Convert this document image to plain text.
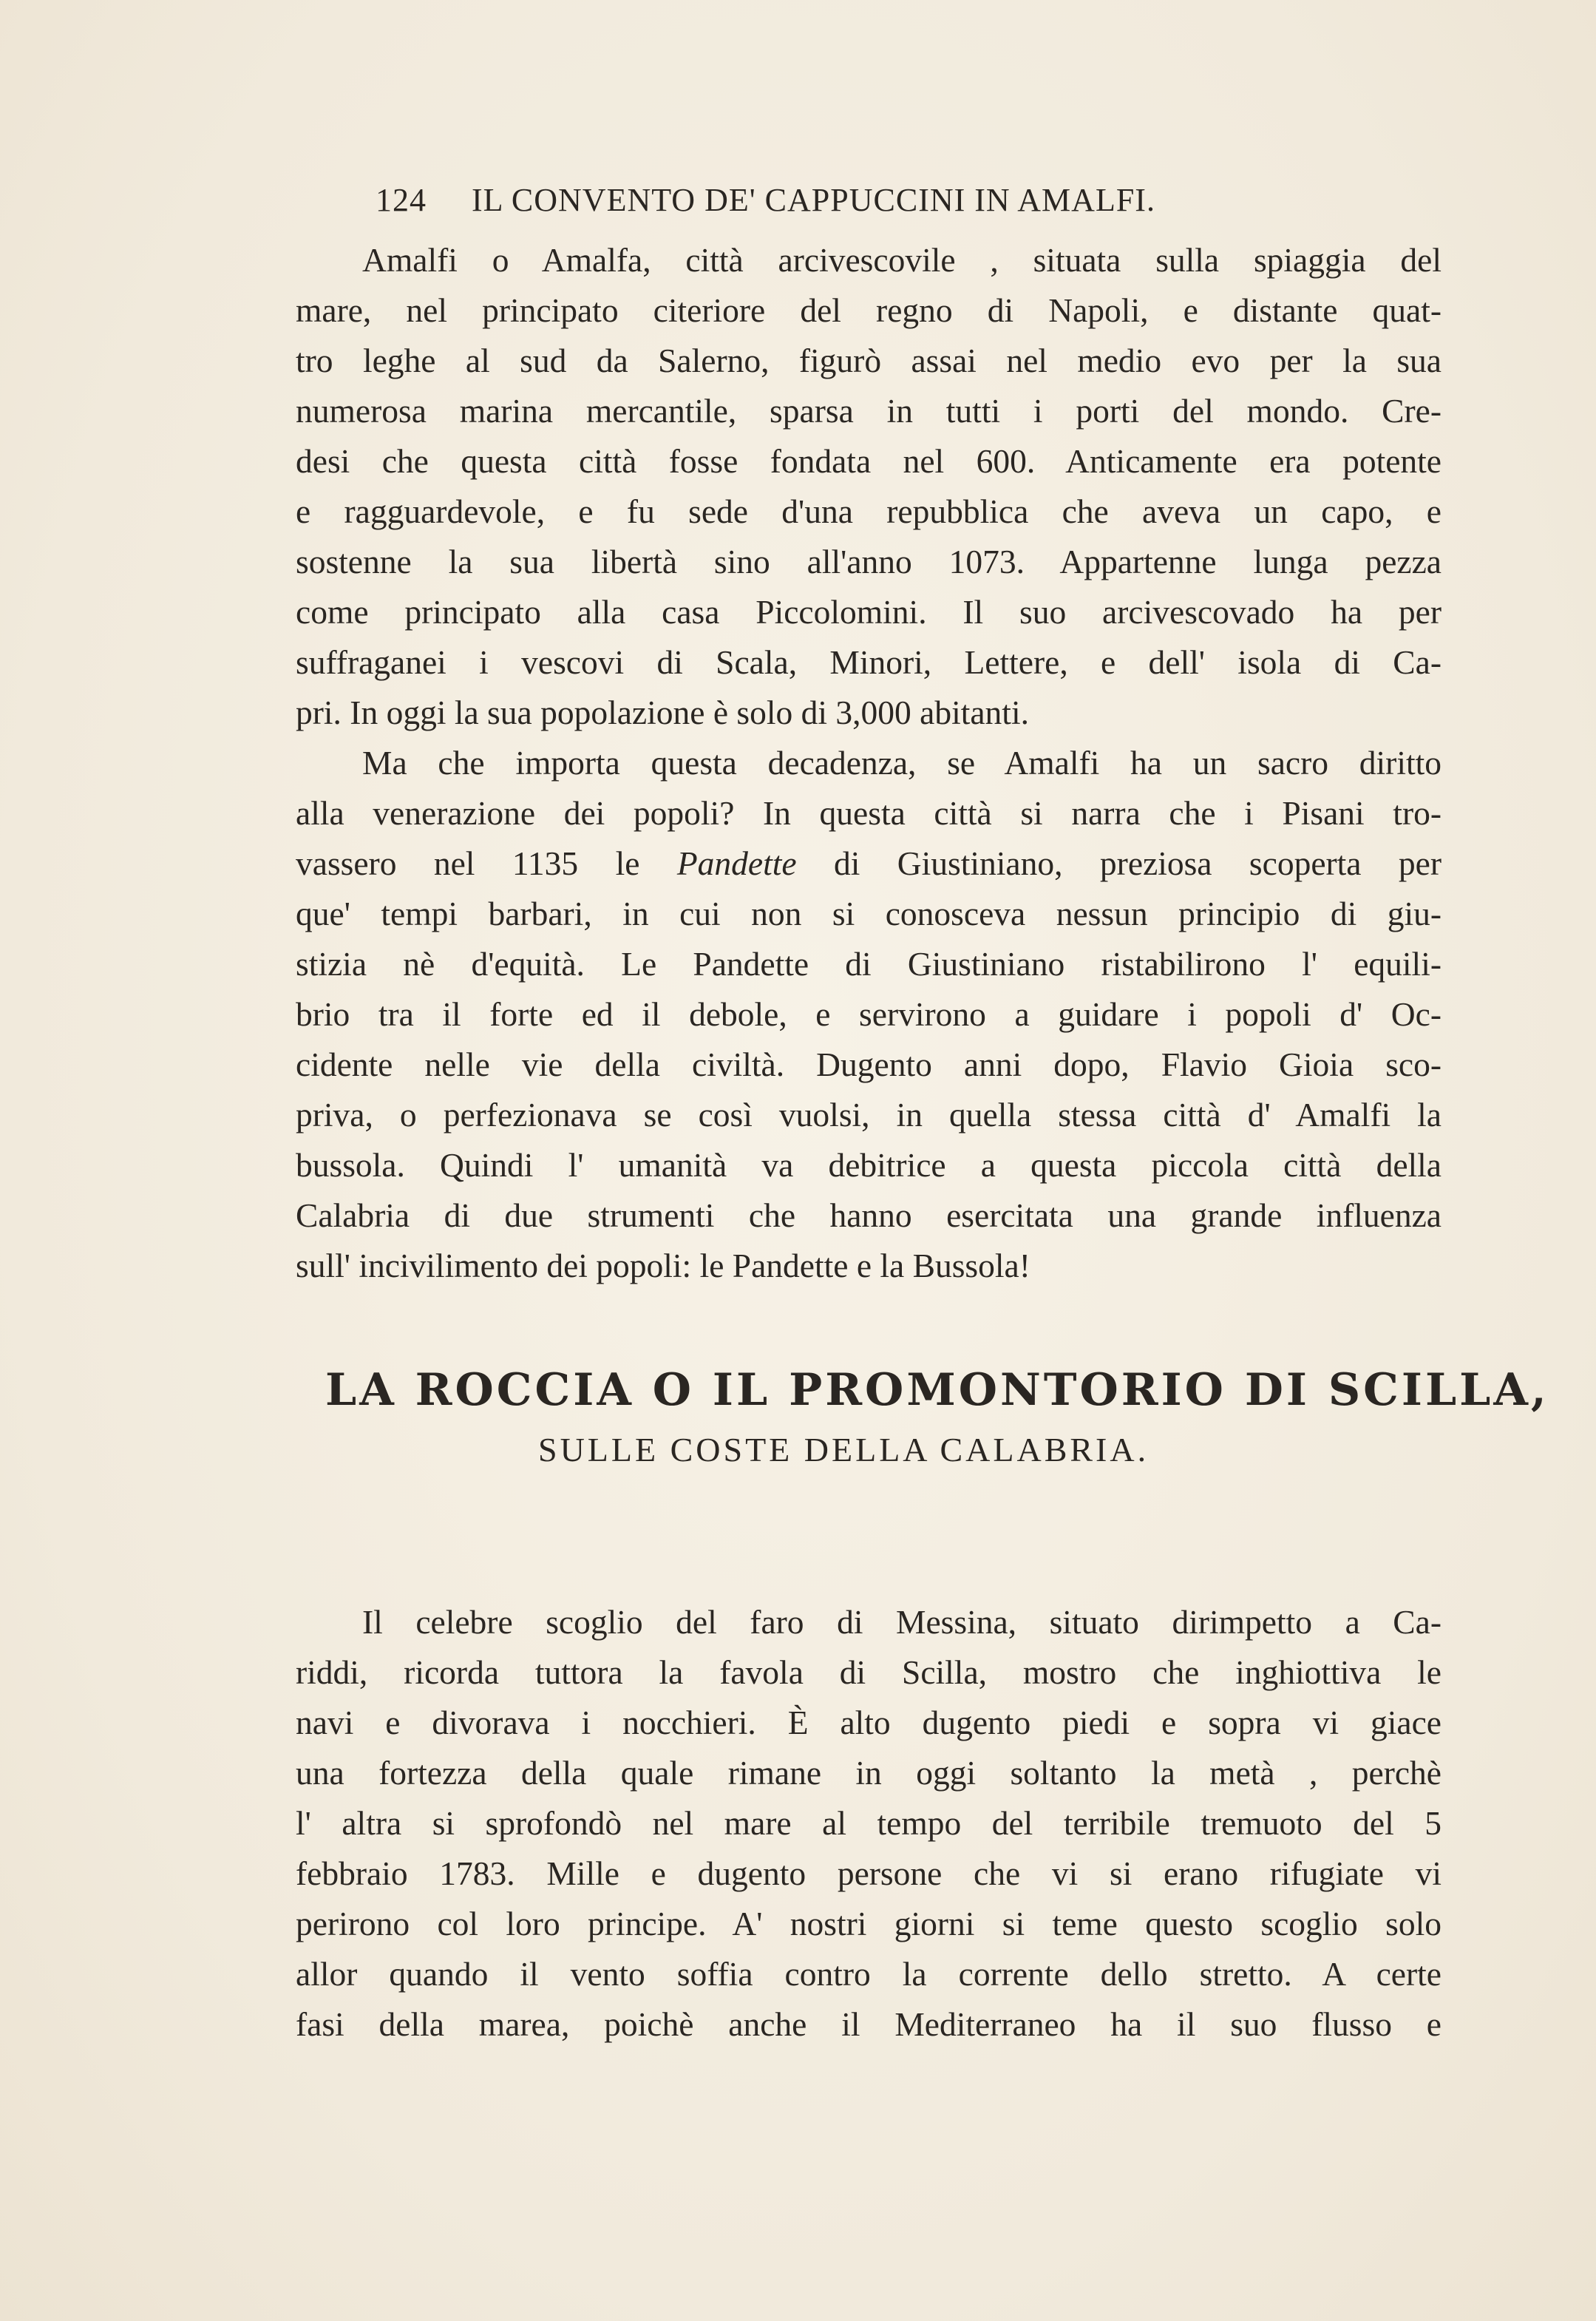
124 IL CONVENTO DE' CAPPUCCINI IN AMALFI.
Amalfi o Amalfa, città arcivescovile , situata sulla spiaggia del
mare, nel principato citeriore del regno di Napoli, e distante quat-
tro leghe al sud da Salerno, figurò assai nel medio evo per la sua
numerosa marina mercantile, sparsa in tutti i porti del mondo. Cre-
desi che questa città fosse fondata nel 600. Anticamente era potente
e ragguardevole, e fu sede d'una repubblica che aveva un capo, e
sostenne la sua libertà sino all'anno 1073. Appartenne lunga pezza
come principato alla casa Piccolomini. Il suo arcivescovado ha per
suffraganei i vescovi di Scala, Minori, Lettere, e dell' isola di Ca-
pri. In oggi la sua popolazione è solo di 3,000 abitanti.
Ma che importa questa decadenza, se Amalfi ha un sacro diritto
alla venerazione dei popoli? In questa città si narra che i Pisani tro-
vassero nel 1135 le Pandette di Giustiniano, preziosa scoperta per
que' tempi barbari, in cui non si conosceva nessun principio di giu-
stizia nè d'equità. Le Pandette di Giustiniano ristabilirono l' equili-
brio tra il forte ed il debole, e servirono a guidare i popoli d' Oc-
cidente nelle vie della civiltà. Dugento anni dopo, Flavio Gioia sco-
priva, o perfezionava se così vuolsi, in quella stessa città d' Amalfi la
bussola. Quindi l' umanità va debitrice a questa piccola città della
Calabria di due strumenti che hanno esercitata una grande influenza
sull' incivilimento dei popoli: le Pandette e la Bussola!
LA ROCCIA O IL PROMONTORIO DI SCILLA,
SULLE COSTE DELLA CALABRIA.
Il celebre scoglio del faro di Messina, situato dirimpetto a Ca-
riddi, ricorda tuttora la favola di Scilla, mostro che inghiottiva le
navi e divorava i nocchieri. È alto dugento piedi e sopra vi giace
una fortezza della quale rimane in oggi soltanto la metà , perchè
l' altra si sprofondò nel mare al tempo del terribile tremuoto del 5
febbraio 1783. Mille e dugento persone che vi si erano rifugiate vi
perirono col loro principe. A' nostri giorni si teme questo scoglio solo
allor quando il vento soffia contro la corrente dello stretto. A certe
fasi della marea, poichè anche il Mediterraneo ha il suo flusso e
